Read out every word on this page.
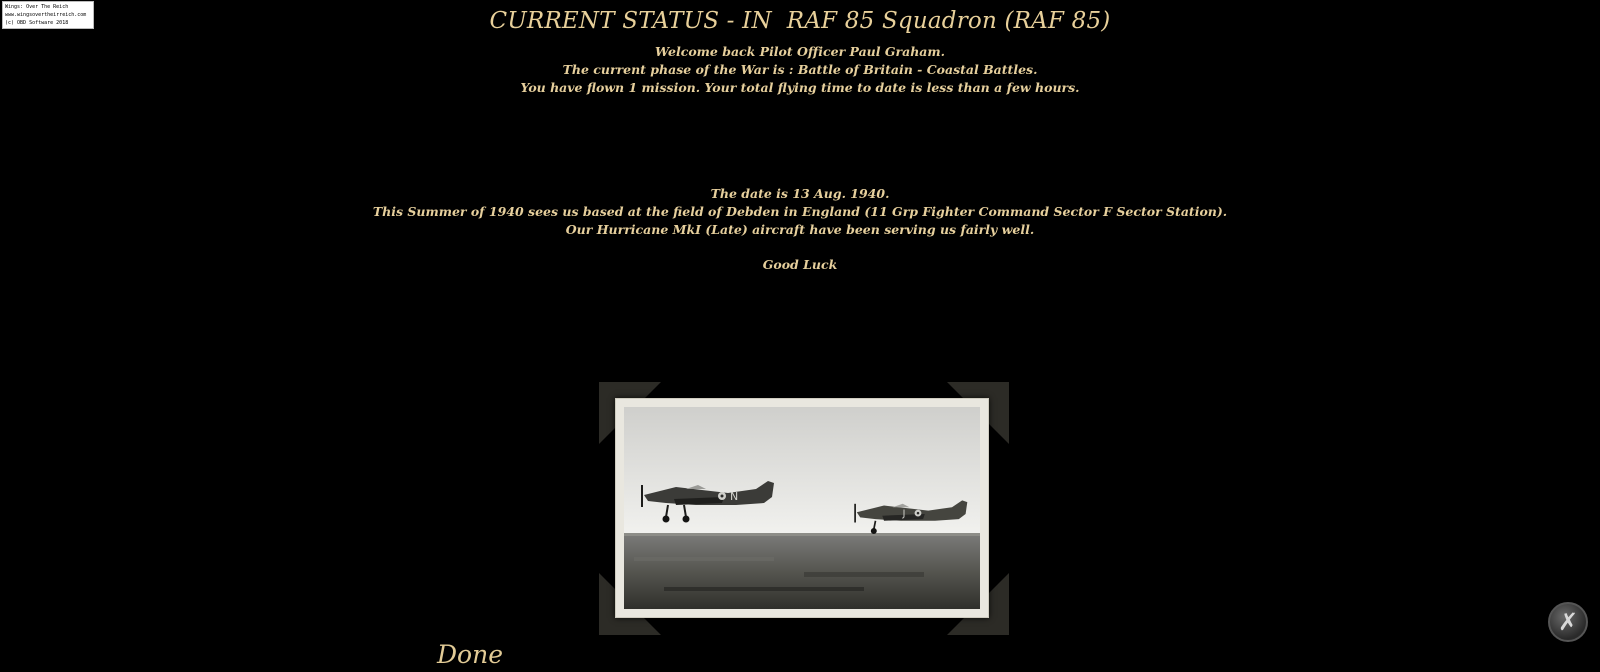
Wings: Over The Reich
www.wingsovertheirreich.com
(c) OBD Software 2018	CURRENT STATUS - IN  RAF 85 Squadron (RAF 85)
Welcome back Pilot Officer Paul Graham.
The current phase of the War is : Battle of Britain - Coastal Battles.
You have flown 1 mission. Your total flying time to date is less than a few hours.
The date is 13 Aug. 1940.
This Summer of 1940 sees us based at the field of Debden in England (11 Grp Fighter Command Sector F Sector Station).
Our Hurricane MkI (Late) aircraft have been serving us fairly well.
Good Luck
N
J
Done
✗
